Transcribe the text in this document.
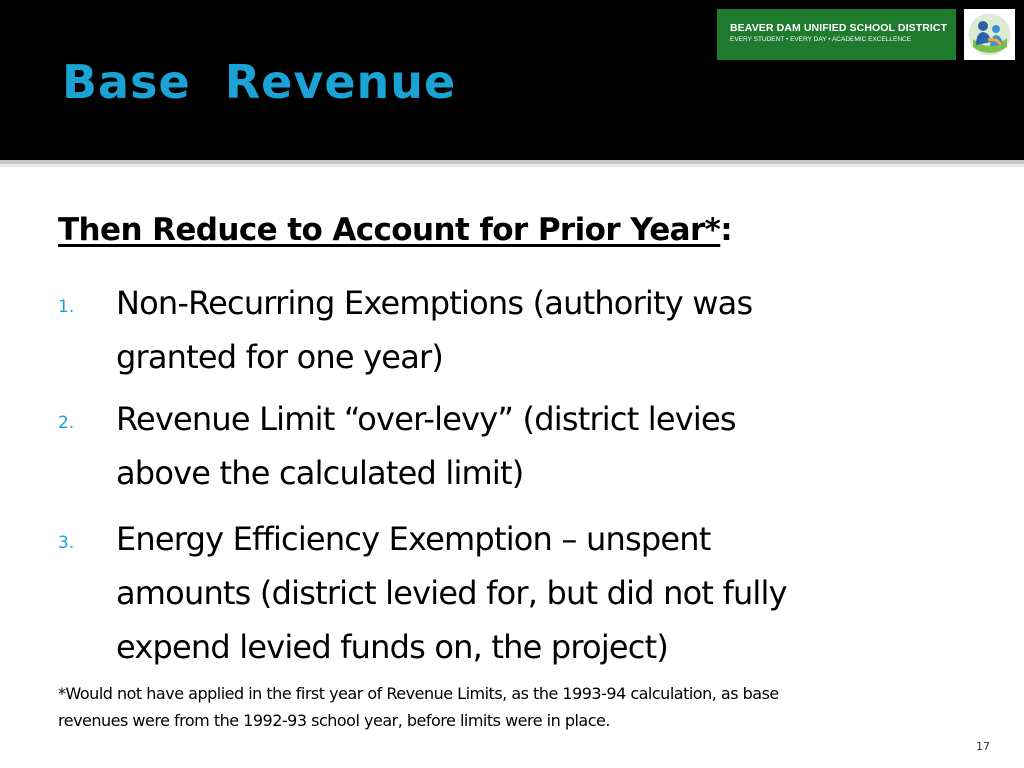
Base  Revenue
BEAVER DAM UNIFIED SCHOOL DISTRICT
EVERY STUDENT • EVERY DAY • ACADEMIC EXCELLENCE
Then Reduce to Account for Prior Year*:
1. Non-Recurring Exemptions (authority was
granted for one year)
2. Revenue Limit “over-levy” (district levies
above the calculated limit)
3. Energy Efficiency Exemption – unspent
amounts (district levied for, but did not fully
expend levied funds on, the project)
*Would not have applied in the first year of Revenue Limits, as the 1993-94 calculation, as base
revenues were from the 1992-93 school year, before limits were in place.
17
